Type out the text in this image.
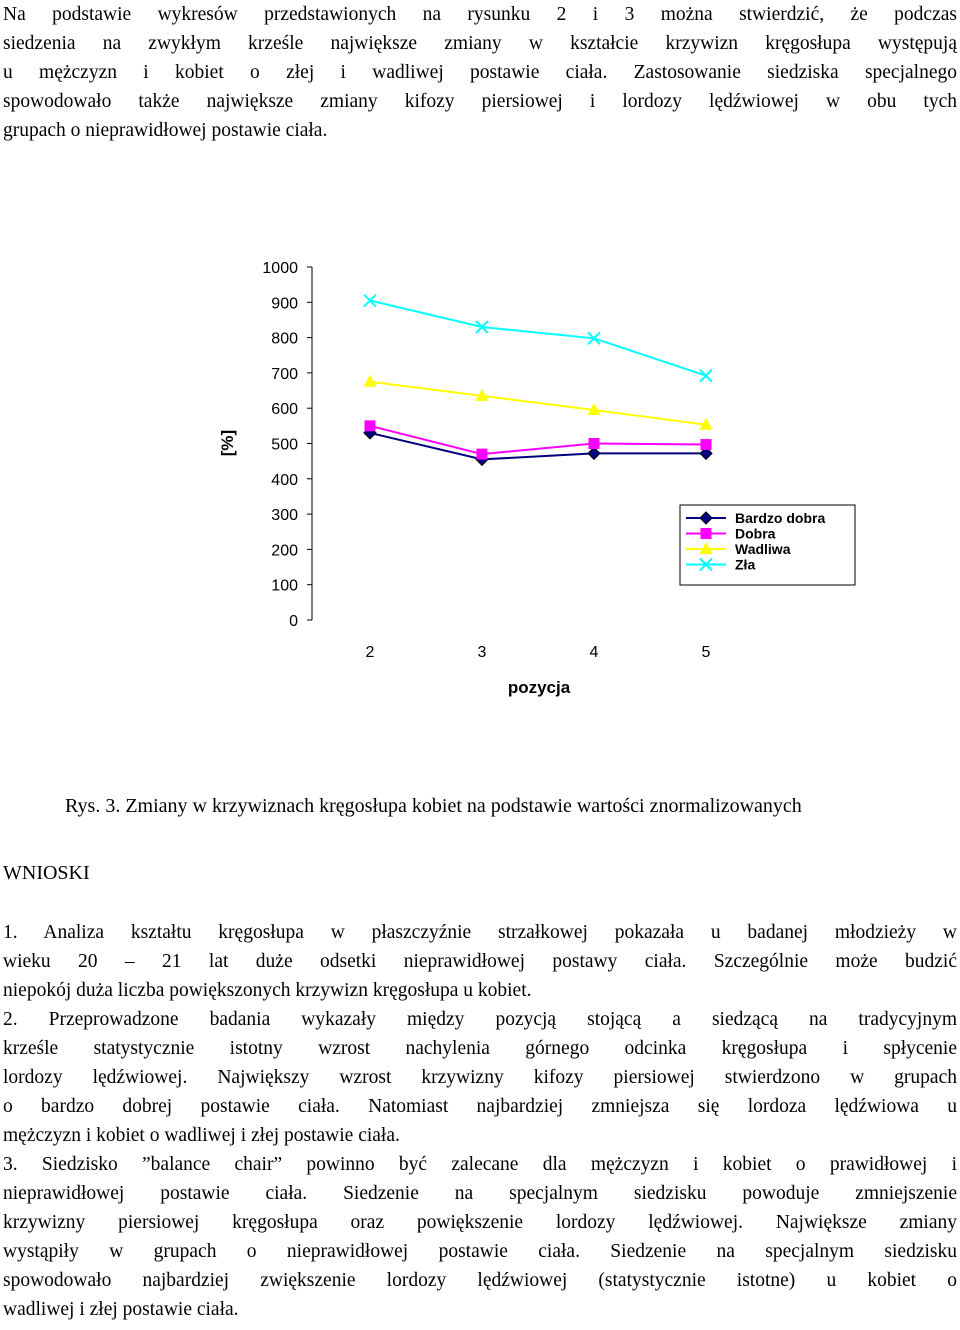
Na podstawie wykresów przedstawionych na rysunku 2 i 3 można stwierdzić, że podczas
siedzenia na zwykłym krześle największe zmiany w kształcie krzywizn kręgosłupa występują
u mężczyzn i kobiet o złej i wadliwej postawie ciała. Zastosowanie siedziska specjalnego
spowodowało także największe zmiany kifozy piersiowej i lordozy lędźwiowej w obu tych
grupach o nieprawidłowej postawie ciała.
0
100
200
300
400
500
600
700
800
900
1000
2	3	4	5
[%]
pozycja
Bardzo dobra
Dobra
Wadliwa
Zła
Rys. 3. Zmiany w krzywiznach kręgosłupa kobiet na podstawie wartości znormalizowanych
WNIOSKI
1. Analiza kształtu kręgosłupa w płaszczyźnie strzałkowej pokazała u badanej młodzieży w
wieku 20 – 21 lat duże odsetki nieprawidłowej postawy ciała. Szczególnie może budzić
niepokój duża liczba powiększonych krzywizn kręgosłupa u kobiet.
2. Przeprowadzone badania wykazały między pozycją stojącą a siedzącą na tradycyjnym
krześle statystycznie istotny wzrost nachylenia górnego odcinka kręgosłupa i spłycenie
lordozy lędźwiowej. Największy wzrost krzywizny kifozy piersiowej stwierdzono w grupach
o bardzo dobrej postawie ciała. Natomiast najbardziej zmniejsza się lordoza lędźwiowa u
mężczyzn i kobiet o wadliwej i złej postawie ciała.
3. Siedzisko ”balance chair” powinno być zalecane dla mężczyzn i kobiet o prawidłowej i
nieprawidłowej postawie ciała. Siedzenie na specjalnym siedzisku powoduje zmniejszenie
krzywizny piersiowej kręgosłupa oraz powiększenie lordozy lędźwiowej. Największe zmiany
wystąpiły w grupach o nieprawidłowej postawie ciała. Siedzenie na specjalnym siedzisku
spowodowało najbardziej zwiększenie lordozy lędźwiowej (statystycznie istotne) u kobiet o
wadliwej i złej postawie ciała.
